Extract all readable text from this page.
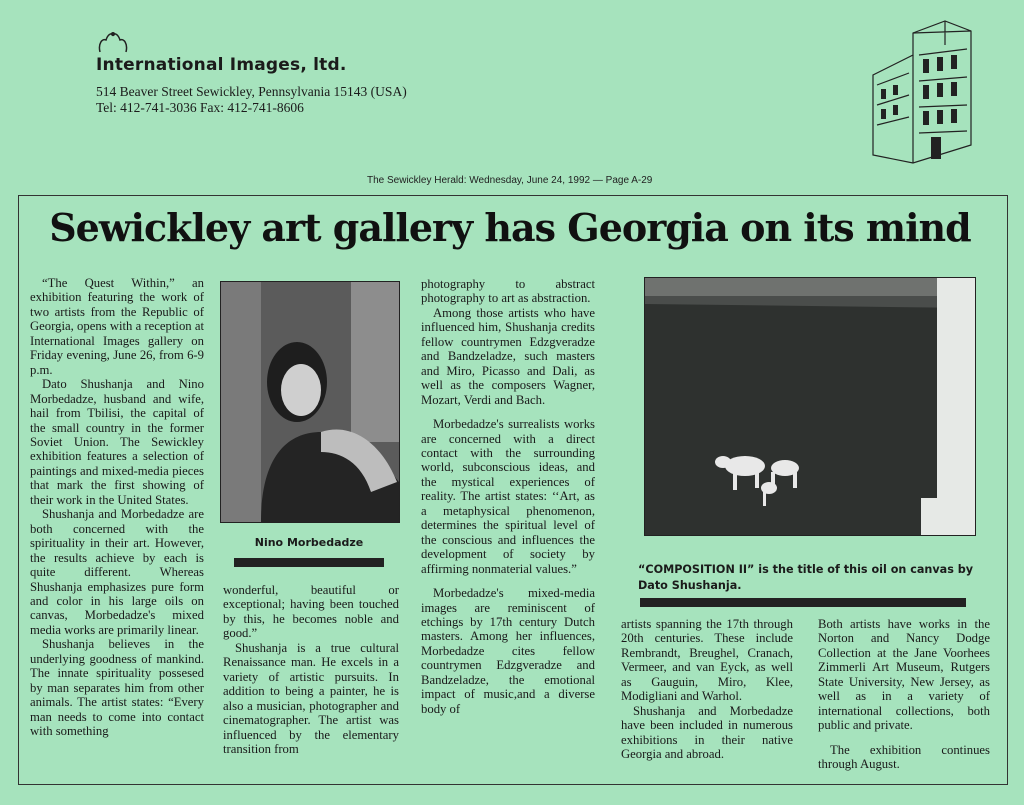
International Images, ltd.
514 Beaver Street Sewickley, Pennsylvania 15143 (USA)
Tel: 412-741-3036 Fax: 412-741-8606
The Sewickley Herald: Wednesday, June 24, 1992 — Page A-29
Sewickley art gallery has Georgia on its mind

“The Quest Within,” an exhibition featuring the work of two artists from the Republic of Georgia, opens with a reception at International Images gallery on Friday evening, June 26, from 6-9 p.m.

Dato Shushanja and Nino Morbedadze, husband and wife, hail from Tbilisi, the capital of the small country in the former Soviet Union. The Sewickley exhibition features a selection of paintings and mixed-media pieces that mark the first showing of their work in the United States.

Shushanja and Morbedadze are both concerned with the spirituality in their art. However, the results achieve by each is quite different. Whereas Shushanja emphasizes pure form and color in his large oils on canvas, Morbedadze's mixed media works are primarily linear.

Shushanja believes in the underlying goodness of mankind. The innate spirituality possesed by man separates him from other animals. The artist states: “Every man needs to come into contact with something

Nino Morbedadze

wonderful, beautiful or exceptional; having been touched by this, he becomes noble and good.”

Shushanja is a true cultural Renaissance man. He excels in a variety of artistic pursuits. In addition to being a painter, he is also a musician, photographer and cinematographer. The artist was influenced by the elementary transition from

photography to abstract photography to art as abstraction.

Among those artists who have influenced him, Shushanja credits fellow countrymen Edzgveradze and Bandzeladze, such masters and Miro, Picasso and Dali, as well as the composers Wagner, Mozart, Verdi and Bach.

Morbedadze's surrealists works are concerned with a direct contact with the surrounding world, subconscious ideas, and the mystical experiences of reality. The artist states: ‘‘Art, as a metaphysical phenomenon, determines the spiritual level of the conscious and influences the development of society by affirming nonmaterial values.”

Morbedadze's mixed-media images are reminiscent of etchings by 17th century Dutch masters. Among her influences, Morbedadze cites fellow countrymen Edzgveradze and Bandzeladze, the emotional impact of music,and a diverse body of

“COMPOSITION II” is the title of this oil on canvas by Dato Shushanja.

artists spanning the 17th through 20th centuries. These include Rembrandt, Breughel, Cranach, Vermeer, and van Eyck, as well as Gauguin, Miro, Klee, Modigliani and Warhol.

Shushanja and Morbedadze have been included in numerous exhibitions in their native Georgia and abroad.

Both artists have works in the Norton and Nancy Dodge Collection at the Jane Voorhees Zimmerli Art Museum, Rutgers State University, New Jersey, as well as in a variety of international collections, both public and private.

The exhibition continues through August.
